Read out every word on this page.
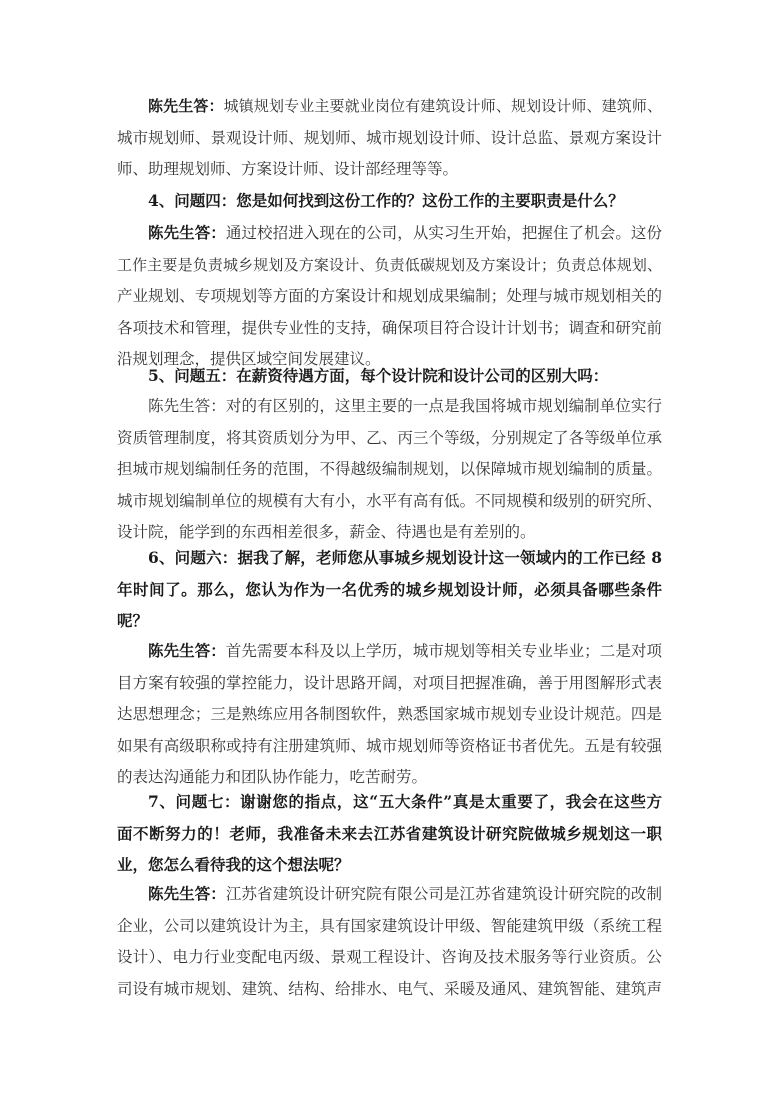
陈先生答：城镇规划专业主要就业岗位有建筑设计师、规划设计师、建筑师、
城市规划师、景观设计师、规划师、城市规划设计师、设计总监、景观方案设计
师、助理规划师、方案设计师、设计部经理等等。
4、问题四：您是如何找到这份工作的？这份工作的主要职责是什么？
陈先生答：通过校招进入现在的公司，从实习生开始，把握住了机会。这份
工作主要是负责城乡规划及方案设计、负责低碳规划及方案设计；负责总体规划、
产业规划、专项规划等方面的方案设计和规划成果编制；处理与城市规划相关的
各项技术和管理，提供专业性的支持，确保项目符合设计计划书；调查和研究前
沿规划理念，提供区域空间发展建议。
5、问题五：在薪资待遇方面，每个设计院和设计公司的区别大吗：
陈先生答：对的有区别的，这里主要的一点是我国将城市规划编制单位实行
资质管理制度，将其资质划分为甲、乙、丙三个等级，分别规定了各等级单位承
担城市规划编制任务的范围，不得越级编制规划，以保障城市规划编制的质量。
城市规划编制单位的规模有大有小，水平有高有低。不同规模和级别的研究所、
设计院，能学到的东西相差很多，薪金、待遇也是有差别的。
6、问题六：据我了解，老师您从事城乡规划设计这一领域内的工作已经 8
年时间了。那么，您认为作为一名优秀的城乡规划设计师，必须具备哪些条件
呢？
陈先生答：首先需要本科及以上学历，城市规划等相关专业毕业；二是对项
目方案有较强的掌控能力，设计思路开阔，对项目把握准确，善于用图解形式表
达思想理念；三是熟练应用各制图软件，熟悉国家城市规划专业设计规范。四是
如果有高级职称或持有注册建筑师、城市规划师等资格证书者优先。五是有较强
的表达沟通能力和团队协作能力，吃苦耐劳。
7、问题七：谢谢您的指点，这“五大条件”真是太重要了，我会在这些方
面不断努力的！老师，我准备未来去江苏省建筑设计研究院做城乡规划这一职
业，您怎么看待我的这个想法呢？
陈先生答：江苏省建筑设计研究院有限公司是江苏省建筑设计研究院的改制
企业，公司以建筑设计为主，具有国家建筑设计甲级、智能建筑甲级（系统工程
设计）、电力行业变配电丙级、景观工程设计、咨询及技术服务等行业资质。公
司设有城市规划、建筑、结构、给排水、电气、采暖及通风、建筑智能、建筑声
